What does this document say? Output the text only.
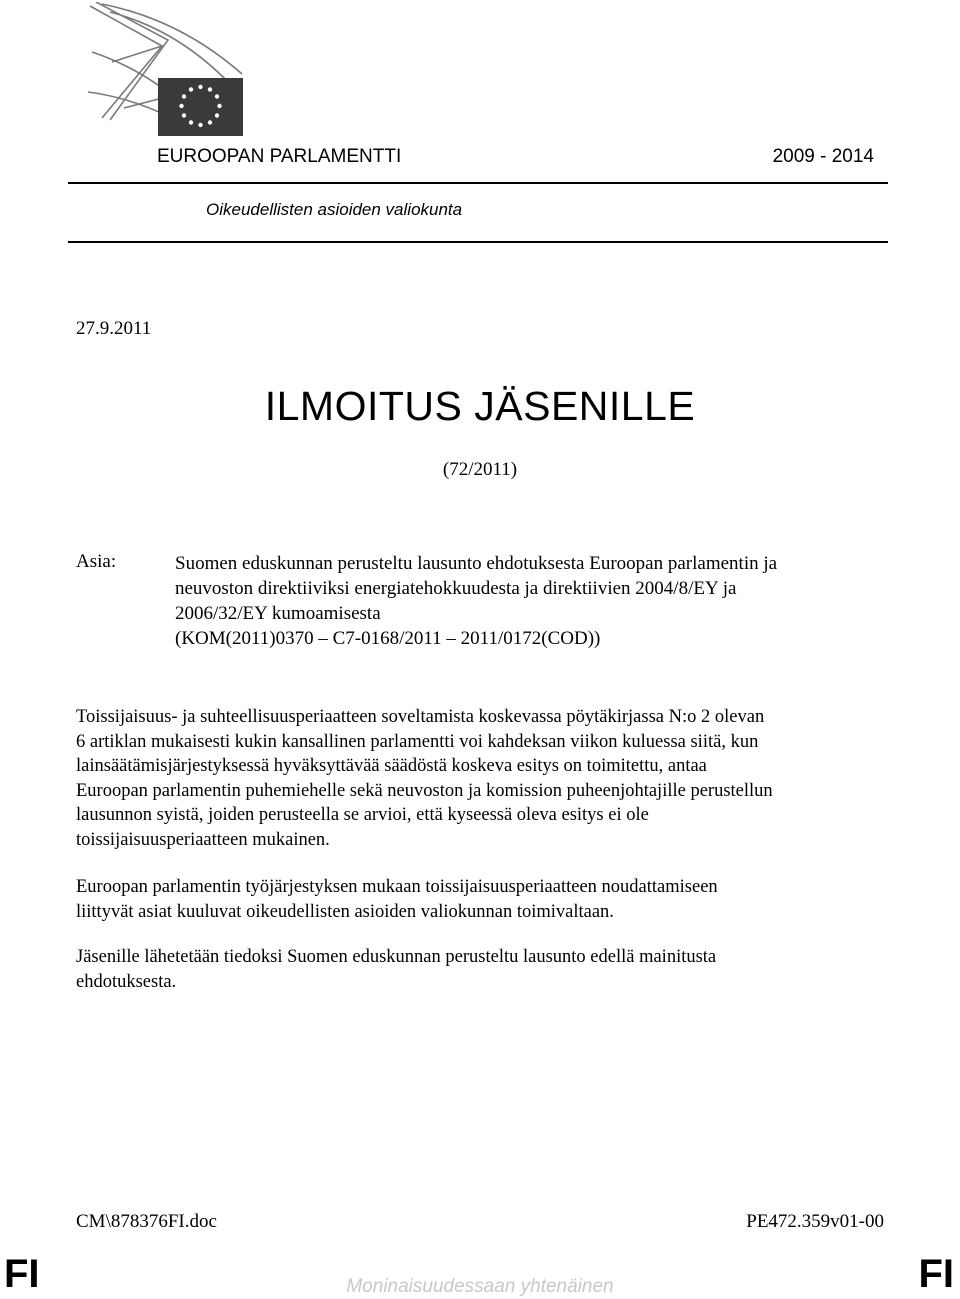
EUROOPAN PARLAMENTTI	2009 - 2014
Oikeudellisten asioiden valiokunta
27.9.2011
ILMOITUS JÄSENILLE
(72/2011)
Asia:	Suomen eduskunnan perusteltu lausunto ehdotuksesta Euroopan parlamentin ja
neuvoston direktiiviksi energiatehokkuudesta ja direktiivien 2004/8/EY ja
2006/32/EY kumoamisesta
(KOM(2011)0370 – C7-0168/2011 – 2011/0172(COD))
Toissijaisuus- ja suhteellisuusperiaatteen soveltamista koskevassa pöytäkirjassa N:o 2 olevan
6 artiklan mukaisesti kukin kansallinen parlamentti voi kahdeksan viikon kuluessa siitä, kun
lainsäätämisjärjestyksessä hyväksyttävää säädöstä koskeva esitys on toimitettu, antaa
Euroopan parlamentin puhemiehelle sekä neuvoston ja komission puheenjohtajille perustellun
lausunnon syistä, joiden perusteella se arvioi, että kyseessä oleva esitys ei ole
toissijaisuusperiaatteen mukainen.
Euroopan parlamentin työjärjestyksen mukaan toissijaisuusperiaatteen noudattamiseen
liittyvät asiat kuuluvat oikeudellisten asioiden valiokunnan toimivaltaan.
Jäsenille lähetetään tiedoksi Suomen eduskunnan perusteltu lausunto edellä mainitusta
ehdotuksesta.
CM\878376FI.doc	PE472.359v01-00
FI	Moninaisuudessaan yhtenäinen	FI
